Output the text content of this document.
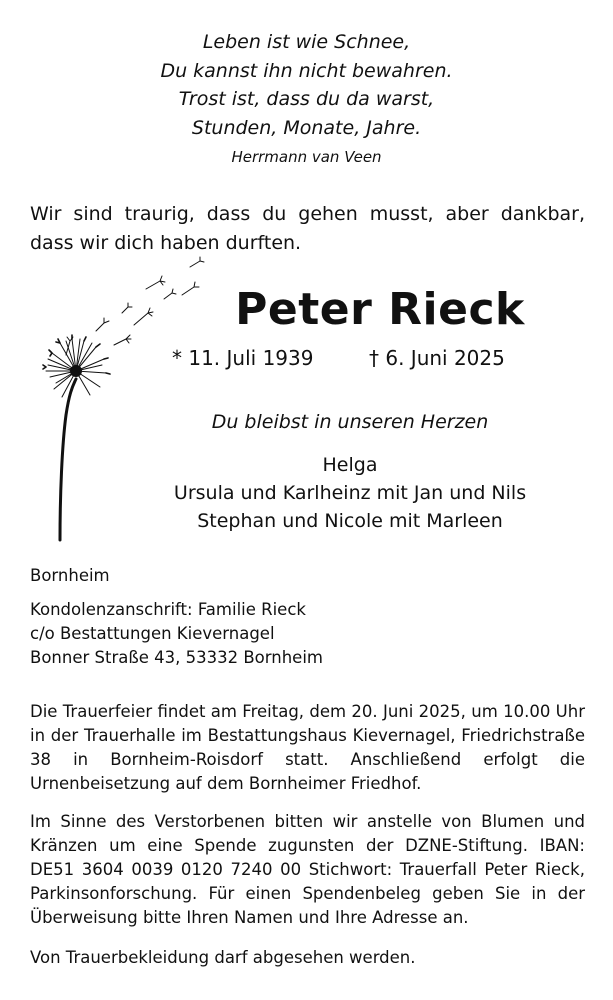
Leben ist wie Schnee,
Du kannst ihn nicht bewahren.
Trost ist, dass du da warst,
Stunden, Monate, Jahre.
Herrmann van Veen
Wir sind traurig, dass du gehen musst, aber dankbar, dass wir dich haben durften.
Peter Rieck
* 11. Juli 1939	† 6. Juni 2025
Du bleibst in unseren Herzen
Helga
Ursula und Karlheinz mit Jan und Nils
Stephan und Nicole mit Marleen
Bornheim
Kondolenzanschrift: Familie Rieck
c/o Bestattungen Kievernagel
Bonner Straße 43, 53332 Bornheim
Die Trauerfeier findet am Freitag, dem 20. Juni 2025, um 10.00 Uhr in der Trauerhalle im Bestattungshaus Kievernagel, Friedrichstraße 38 in Bornheim-Roisdorf statt. Anschließend erfolgt die Urnenbeisetzung auf dem Bornheimer Friedhof.
Im Sinne des Verstorbenen bitten wir anstelle von Blumen und Kränzen um eine Spende zugunsten der DZNE-Stiftung. IBAN: DE51 3604 0039 0120 7240 00 Stichwort: Trauerfall Peter Rieck, Parkinsonforschung. Für einen Spendenbeleg geben Sie in der Überweisung bitte Ihren Namen und Ihre Adresse an.
Von Trauerbekleidung darf abgesehen werden.
